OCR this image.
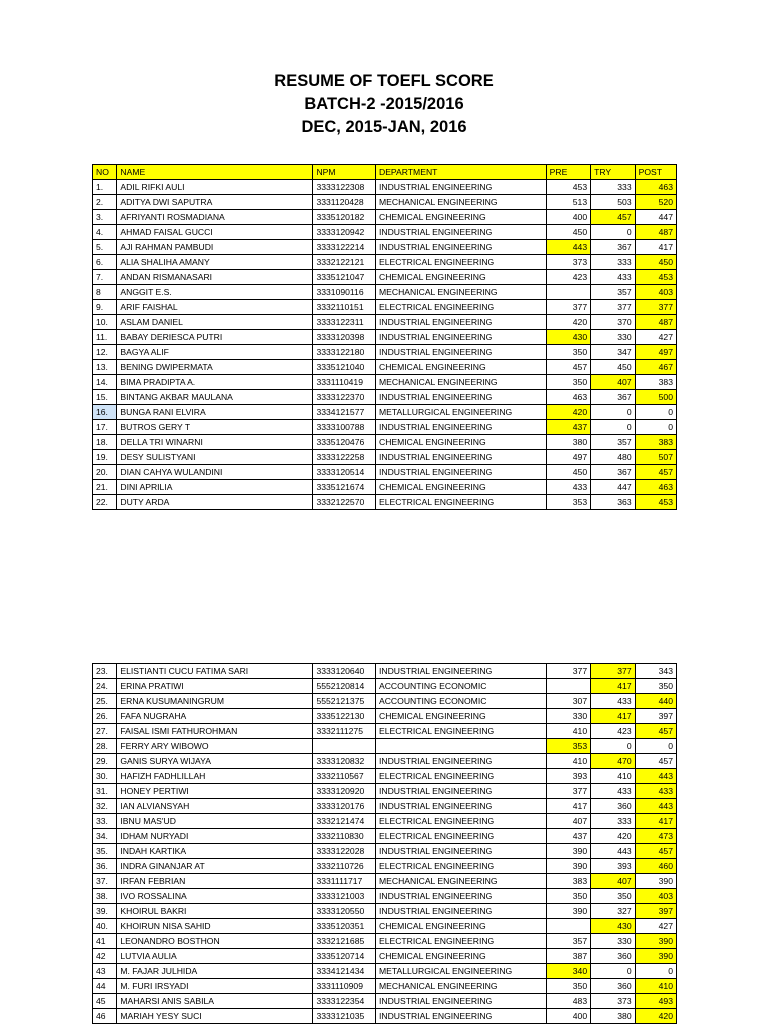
RESUME OF TOEFL SCORE
BATCH-2 -2015/2016
DEC, 2015-JAN, 2016
NO	NAME	NPM	DEPARTMENT	PRE	TRY	POST
1.	ADIL RIFKI AULI	3333122308	INDUSTRIAL ENGINEERING	453	333	463
2.	ADITYA DWI SAPUTRA	3331120428	MECHANICAL ENGINEERING	513	503	520
3.	AFRIYANTI ROSMADIANA	3335120182	CHEMICAL ENGINEERING	400	457	447
4.	AHMAD FAISAL GUCCI	3333120942	INDUSTRIAL ENGINEERING	450	0	487
5.	AJI RAHMAN PAMBUDI	3333122214	INDUSTRIAL ENGINEERING	443	367	417
6.	ALIA SHALIHA AMANY	3332122121	ELECTRICAL ENGINEERING	373	333	450
7.	ANDAN RISMANASARI	3335121047	CHEMICAL ENGINEERING	423	433	453
8	ANGGIT E.S.	3331090116	MECHANICAL ENGINEERING		357	403
9.	ARIF FAISHAL	3332110151	ELECTRICAL ENGINEERING	377	377	377
10.	ASLAM DANIEL	3333122311	INDUSTRIAL ENGINEERING	420	370	487
11.	BABAY DERIESCA PUTRI	3333120398	INDUSTRIAL ENGINEERING	430	330	427
12.	BAGYA ALIF	3333122180	INDUSTRIAL ENGINEERING	350	347	497
13.	BENING DWIPERMATA	3335121040	CHEMICAL ENGINEERING	457	450	467
14.	BIMA PRADIPTA A.	3331110419	MECHANICAL ENGINEERING	350	407	383
15.	BINTANG AKBAR MAULANA	3333122370	INDUSTRIAL ENGINEERING	463	367	500
16.	BUNGA RANI ELVIRA	3334121577	METALLURGICAL ENGINEERING	420	0	0
17.	BUTROS GERY T	3333100788	INDUSTRIAL ENGINEERING	437	0	0
18.	DELLA TRI WINARNI	3335120476	CHEMICAL ENGINEERING	380	357	383
19.	DESY SULISTYANI	3333122258	INDUSTRIAL ENGINEERING	497	480	507
20.	DIAN CAHYA WULANDINI	3333120514	INDUSTRIAL ENGINEERING	450	367	457
21.	DINI APRILIA	3335121674	CHEMICAL ENGINEERING	433	447	463
22.	DUTY ARDA	3332122570	ELECTRICAL ENGINEERING	353	363	453
23.	ELISTIANTI CUCU FATIMA SARI	3333120640	INDUSTRIAL ENGINEERING	377	377	343
24.	ERINA PRATIWI	5552120814	ACCOUNTING ECONOMIC		417	350
25.	ERNA KUSUMANINGRUM	5552121375	ACCOUNTING ECONOMIC	307	433	440
26.	FAFA NUGRAHA	3335122130	CHEMICAL ENGINEERING	330	417	397
27.	FAISAL ISMI FATHUROHMAN	3332111275	ELECTRICAL ENGINEERING	410	423	457
28.	FERRY ARY WIBOWO			353	0	0
29.	GANIS SURYA WIJAYA	3333120832	INDUSTRIAL ENGINEERING	410	470	457
30.	HAFIZH FADHLILLAH	3332110567	ELECTRICAL ENGINEERING	393	410	443
31.	HONEY PERTIWI	3333120920	INDUSTRIAL ENGINEERING	377	433	433
32.	IAN ALVIANSYAH	3333120176	INDUSTRIAL ENGINEERING	417	360	443
33.	IBNU MAS'UD	3332121474	ELECTRICAL ENGINEERING	407	333	417
34.	IDHAM NURYADI	3332110830	ELECTRICAL ENGINEERING	437	420	473
35.	INDAH KARTIKA	3333122028	INDUSTRIAL ENGINEERING	390	443	457
36.	INDRA GINANJAR AT	3332110726	ELECTRICAL ENGINEERING	390	393	460
37.	IRFAN FEBRIAN	3331111717	MECHANICAL ENGINEERING	383	407	390
38.	IVO ROSSALINA	3333121003	INDUSTRIAL ENGINEERING	350	350	403
39.	KHOIRUL BAKRI	3333120550	INDUSTRIAL ENGINEERING	390	327	397
40.	KHOIRUN NISA SAHID	3335120351	CHEMICAL ENGINEERING		430	427
41	LEONANDRO BOSTHON	3332121685	ELECTRICAL ENGINEERING	357	330	390
42	LUTVIA AULIA	3335120714	CHEMICAL ENGINEERING	387	360	390
43	M. FAJAR JULHIDA	3334121434	METALLURGICAL ENGINEERING	340	0	0
44	M. FURI IRSYADI	3331110909	MECHANICAL ENGINEERING	350	360	410
45	MAHARSI ANIS SABILA	3333122354	INDUSTRIAL ENGINEERING	483	373	493
46	MARIAH YESY SUCI	3333121035	INDUSTRIAL ENGINEERING	400	380	420
